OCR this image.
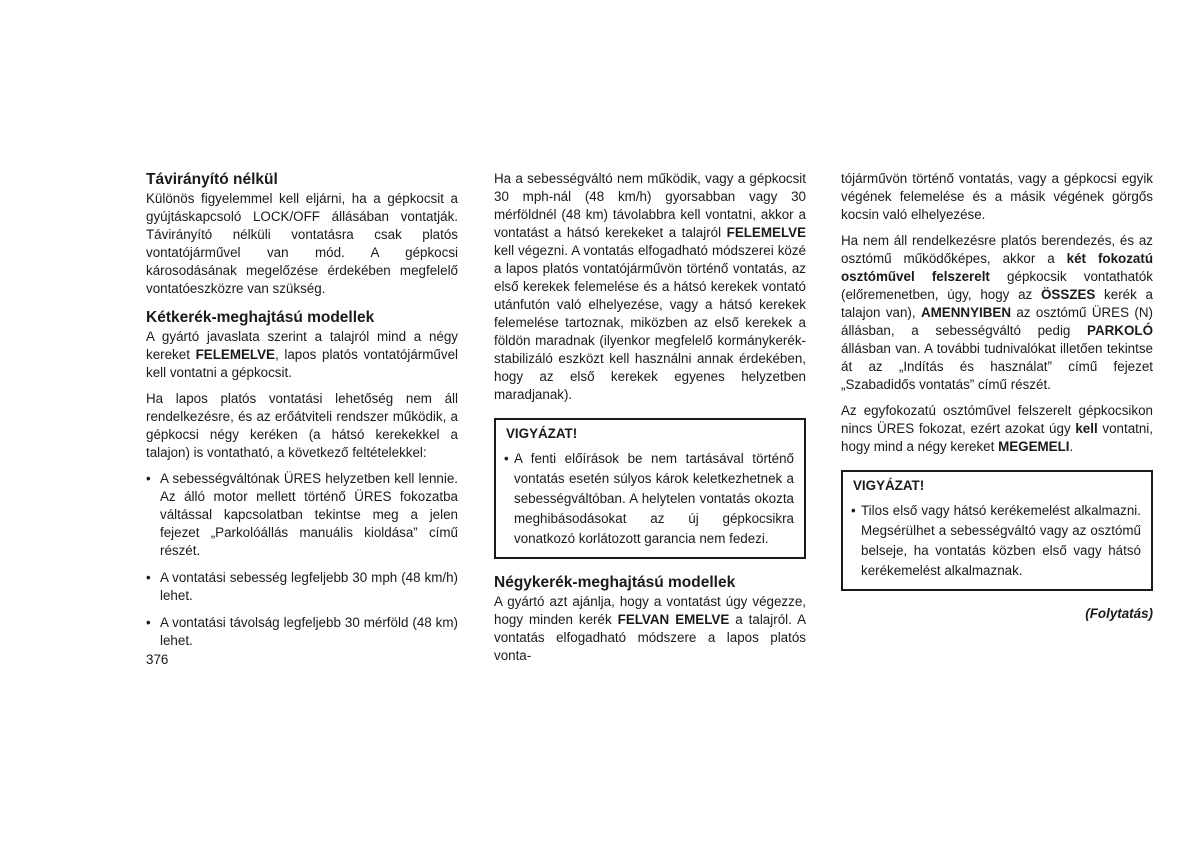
Távirányító nélkül

Különös figyelemmel kell eljárni, ha a gépkocsit a gyújtáskapcsoló LOCK/OFF állásában vontatják. Távirányító nélküli vontatásra csak platós vontatójárművel van mód. A gépkocsi károsodásának megelőzése érdekében megfelelő vontatóeszközre van szükség.

Kétkerék-meghajtású modellek

A gyártó javaslata szerint a talajról mind a négy kereket FELEMELVE, lapos platós vontatójárművel kell vontatni a gépkocsit.

Ha lapos platós vontatási lehetőség nem áll rendelkezésre, és az erőátviteli rendszer működik, a gépkocsi négy keréken (a hátsó kerekekkel a talajon) is vontatható, a következő feltételekkel:

• A sebességváltónak ÜRES helyzetben kell lennie. Az álló motor mellett történő ÜRES fokozatba váltással kapcsolatban tekintse meg a jelen fejezet „Parkolóállás manuális kioldása” című részét.
• A vontatási sebesség legfeljebb 30 mph (48 km/h) lehet.
• A vontatási távolság legfeljebb 30 mérföld (48 km) lehet.

Ha a sebességváltó nem működik, vagy a gépkocsit 30 mph-nál (48 km/h) gyorsabban vagy 30 mérföldnél (48 km) távolabbra kell vontatni, akkor a vontatást a hátsó kerekeket a talajról FELEMELVE kell végezni. A vontatás elfogadható módszerei közé a lapos platós vontatójárművön történő vontatás, az első kerekek felemelése és a hátsó kerekek vontató utánfutón való elhelyezése, vagy a hátsó kerekek felemelése tartoznak, miközben az első kerekek a földön maradnak (ilyenkor megfelelő kormánykerék-stabilizáló eszközt kell használni annak érdekében, hogy az első kerekek egyenes helyzetben maradjanak).

VIGYÁZAT!
• A fenti előírások be nem tartásával történő vontatás esetén súlyos károk keletkezhetnek a sebességváltóban. A helytelen vontatás okozta meghibásodásokat az új gépkocsikra vonatkozó korlátozott garancia nem fedezi.
Négykerék-meghajtású modellek

A gyártó azt ajánlja, hogy a vontatást úgy végezze, hogy minden kerék FELVAN EMELVE a talajról. A vontatás elfogadható módszere a lapos platós vonta-

tójárművön történő vontatás, vagy a gépkocsi egyik végének felemelése és a másik végének görgős kocsin való elhelyezése.

Ha nem áll rendelkezésre platós berendezés, és az osztómű működőképes, akkor a két fokozatú osztóművel felszerelt gépkocsik vontathatók (előremenetben, úgy, hogy az ÖSSZES kerék a talajon van), AMENNYIBEN az osztómű ÜRES (N) állásban, a sebességváltó pedig PARKOLÓ állásban van. A további tudnivalókat illetően tekintse át az „Indítás és használat” című fejezet „Szabadidős vontatás” című részét.

Az egyfokozatú osztóművel felszerelt gépkocsikon nincs ÜRES fokozat, ezért azokat úgy kell vontatni, hogy mind a négy kereket MEGEMELI.

VIGYÁZAT!
• Tilos első vagy hátsó kerékemelést alkalmazni. Megsérülhet a sebességváltó vagy az osztómű belseje, ha vontatás közben első vagy hátsó kerékemelést alkalmaznak.
(Folytatás)
376
